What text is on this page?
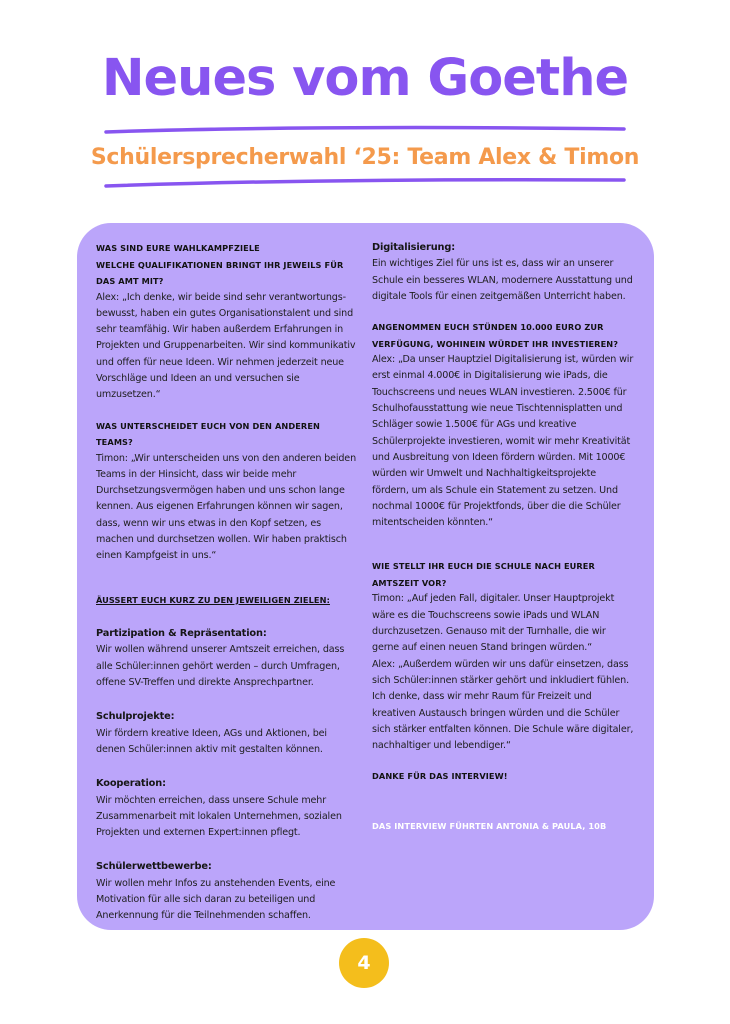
Neues vom Goethe
Schülersprecherwahl ‘25: Team Alex & Timon

WAS SIND EURE WAHLKAMPFZIELE

WELCHE QUALIFIKATIONEN BRINGT IHR JEWEILS FÜR DAS AMT MIT?

Alex: „Ich denke, wir beide sind sehr verantwortungs-bewusst, haben ein gutes Organisationstalent und sind sehr teamfähig. Wir haben außerdem Erfahrungen in Projekten und Gruppenarbeiten. Wir sind kommunikativ und offen für neue Ideen. Wir nehmen jederzeit neue Vorschläge und Ideen an und versuchen sie umzusetzen.“

WAS UNTERSCHEIDET EUCH VON DEN ANDEREN TEAMS?

Timon: „Wir unterscheiden uns von den anderen beiden Teams in der Hinsicht, dass wir beide mehr Durchsetzungsvermögen haben und uns schon lange kennen. Aus eigenen Erfahrungen können wir sagen, dass, wenn wir uns etwas in den Kopf setzen, es machen und durchsetzen wollen. Wir haben praktisch einen Kampfgeist in uns.“

ÄUSSERT EUCH KURZ ZU DEN JEWEILIGEN ZIELEN:

Partizipation & Repräsentation:

Wir wollen während unserer Amtszeit erreichen, dass alle Schüler:innen gehört werden – durch Umfragen, offene SV-Treffen und direkte Ansprechpartner.

Schulprojekte:

Wir fördern kreative Ideen, AGs und Aktionen, bei denen Schüler:innen aktiv mit gestalten können.

Kooperation:

Wir möchten erreichen, dass unsere Schule mehr Zusammenarbeit mit lokalen Unternehmen, sozialen Projekten und externen Expert:innen pflegt.

Schülerwettbewerbe:

Wir wollen mehr Infos zu anstehenden Events, eine Motivation für alle sich daran zu beteiligen und Anerkennung für die Teilnehmenden schaffen.

Digitalisierung:

Ein wichtiges Ziel für uns ist es, dass wir an unserer Schule ein besseres WLAN, modernere Ausstattung und digitale Tools für einen zeitgemäßen Unterricht haben.

ANGENOMMEN EUCH STÜNDEN 10.000 EURO ZUR VERFÜGUNG, WOHINEIN WÜRDET IHR INVESTIEREN?

Alex: „Da unser Hauptziel Digitalisierung ist, würden wir erst einmal 4.000€ in Digitalisierung wie iPads, die Touchscreens und neues WLAN investieren. 2.500€ für Schulhofausstattung wie neue Tischtennisplatten und Schläger sowie 1.500€ für AGs und kreative Schülerprojekte investieren, womit wir mehr Kreativität und Ausbreitung von Ideen fördern würden. Mit 1000€ würden wir Umwelt und Nachhaltigkeitsprojekte fördern, um als Schule ein Statement zu setzen. Und nochmal 1000€ für Projektfonds, über die die Schüler mitentscheiden könnten.“

WIE STELLT IHR EUCH DIE SCHULE NACH EURER AMTSZEIT VOR?

Timon: „Auf jeden Fall, digitaler. Unser Hauptprojekt wäre es die Touchscreens sowie iPads und WLAN durchzusetzen. Genauso mit der Turnhalle, die wir gerne auf einen neuen Stand bringen würden.“

Alex: „Außerdem würden wir uns dafür einsetzen, dass sich Schüler:innen stärker gehört und inkludiert fühlen. Ich denke, dass wir mehr Raum für Freizeit und kreativen Austausch bringen würden und die Schüler sich stärker entfalten können. Die Schule wäre digitaler, nachhaltiger und lebendiger.“

DANKE FÜR DAS INTERVIEW!

DAS INTERVIEW FÜHRTEN ANTONIA & PAULA, 10B

4
